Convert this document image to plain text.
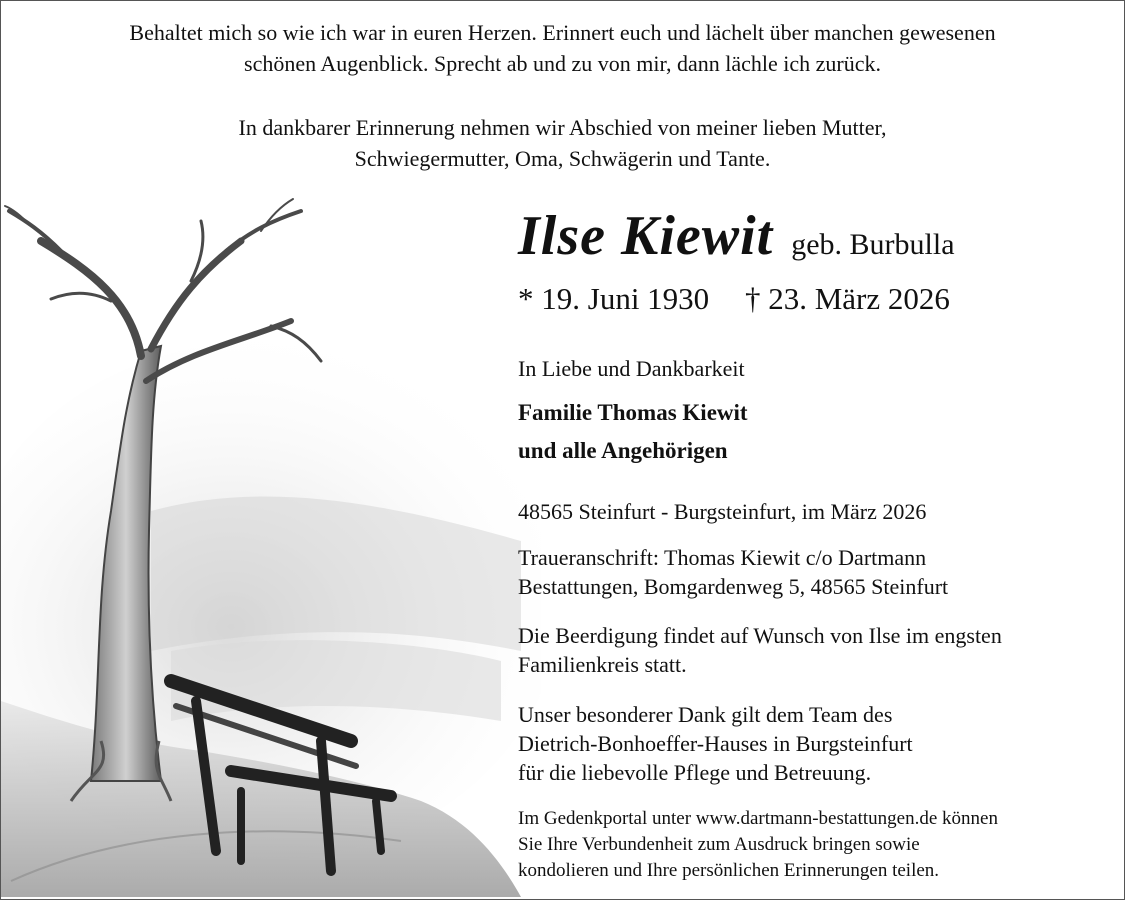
Behaltet mich so wie ich war in euren Herzen. Erinnert euch und lächelt über manchen gewesenen

schönen Augenblick. Sprecht ab und zu von mir, dann lächle ich zurück.

In dankbarer Erinnerung nehmen wir Abschied von meiner lieben Mutter,

Schwiegermutter, Oma, Schwägerin und Tante.

Ilse Kiewit geb. Burbulla
* 19. Juni 1930 † 23. März 2026

In Liebe und Dankbarkeit

Familie Thomas Kiewit

und alle Angehörigen

48565 Steinfurt - Burgsteinfurt, im März 2026

Traueranschrift: Thomas Kiewit c/o Dartmann

Bestattungen, Bomgardenweg 5, 48565 Steinfurt

Die Beerdigung findet auf Wunsch von Ilse im engsten

Familienkreis statt.

Unser besonderer Dank gilt dem Team des

Dietrich-Bonhoeffer-Hauses in Burgsteinfurt

für die liebevolle Pflege und Betreuung.

Im Gedenkportal unter www.dartmann-bestattungen.de können

Sie Ihre Verbundenheit zum Ausdruck bringen sowie

kondolieren und Ihre persönlichen Erinnerungen teilen.
